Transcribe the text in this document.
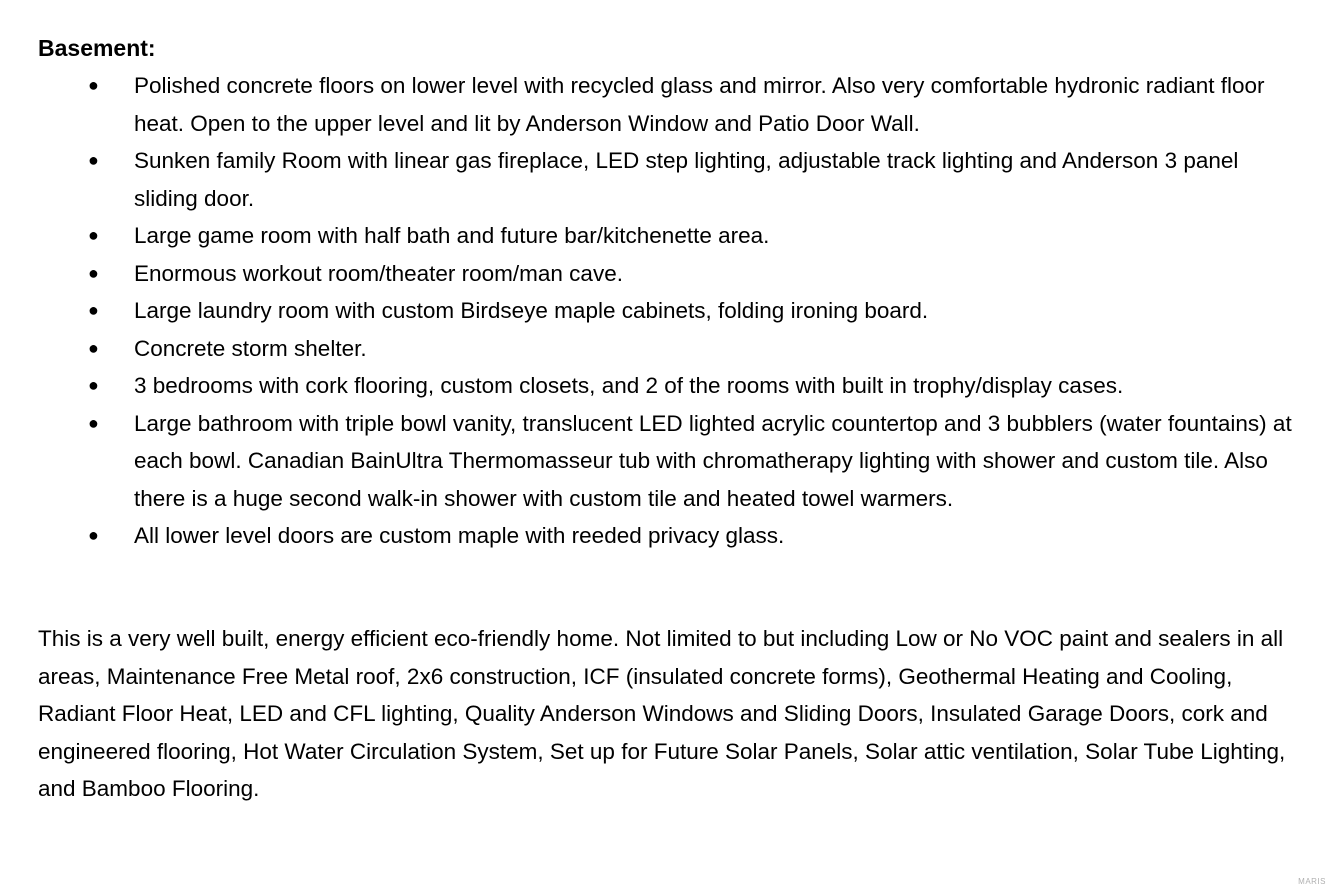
Basement:
● Polished concrete floors on lower level with recycled glass and mirror. Also very comfortable hydronic radiant floor heat. Open to the upper level and lit by Anderson Window and Patio Door Wall.
● Sunken family Room with linear gas fireplace, LED step lighting, adjustable track lighting and Anderson 3 panel sliding door.
● Large game room with half bath and future bar/kitchenette area.
● Enormous workout room/theater room/man cave.
● Large laundry room with custom Birdseye maple cabinets, folding ironing board.
● Concrete storm shelter.
● 3 bedrooms with cork flooring, custom closets, and 2 of the rooms with built in trophy/display cases.
● Large bathroom with triple bowl vanity, translucent LED lighted acrylic countertop and 3 bubblers (water fountains) at each bowl. Canadian BainUltra Thermomasseur tub with chromatherapy lighting with shower and custom tile. Also there is a huge second walk-in shower with custom tile and heated towel warmers.
● All lower level doors are custom maple with reeded privacy glass.

This is a very well built, energy efficient eco-friendly home. Not limited to but including Low or No VOC paint and sealers in all areas, Maintenance Free Metal roof, 2x6 construction, ICF (insulated concrete forms), Geothermal Heating and Cooling, Radiant Floor Heat, LED and CFL lighting, Quality Anderson Windows and Sliding Doors, Insulated Garage Doors, cork and engineered flooring, Hot Water Circulation System, Set up for Future Solar Panels, Solar attic ventilation, Solar Tube Lighting, and Bamboo Flooring.

MARIS
